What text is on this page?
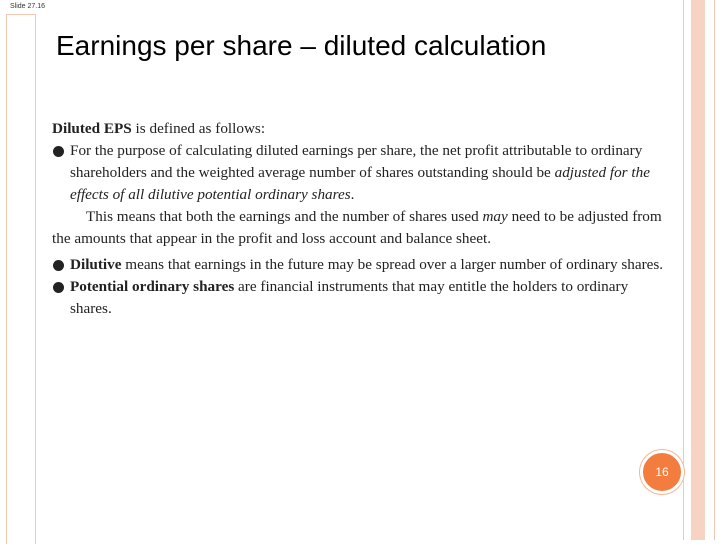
Slide 27.16
Earnings per share – diluted calculation

Diluted EPS is defined as follows:

For the purpose of calculating diluted earnings per share, the net profit attributable to ordinary shareholders and the weighted average number of shares outstanding should be adjusted for the effects of all dilutive potential ordinary shares.

This means that both the earnings and the number of shares used may need to be adjusted from the amounts that appear in the profit and loss account and balance sheet.

Dilutive means that earnings in the future may be spread over a larger number of ordinary shares.

Potential ordinary shares are financial instruments that may entitle the holders to ordinary shares.

16
